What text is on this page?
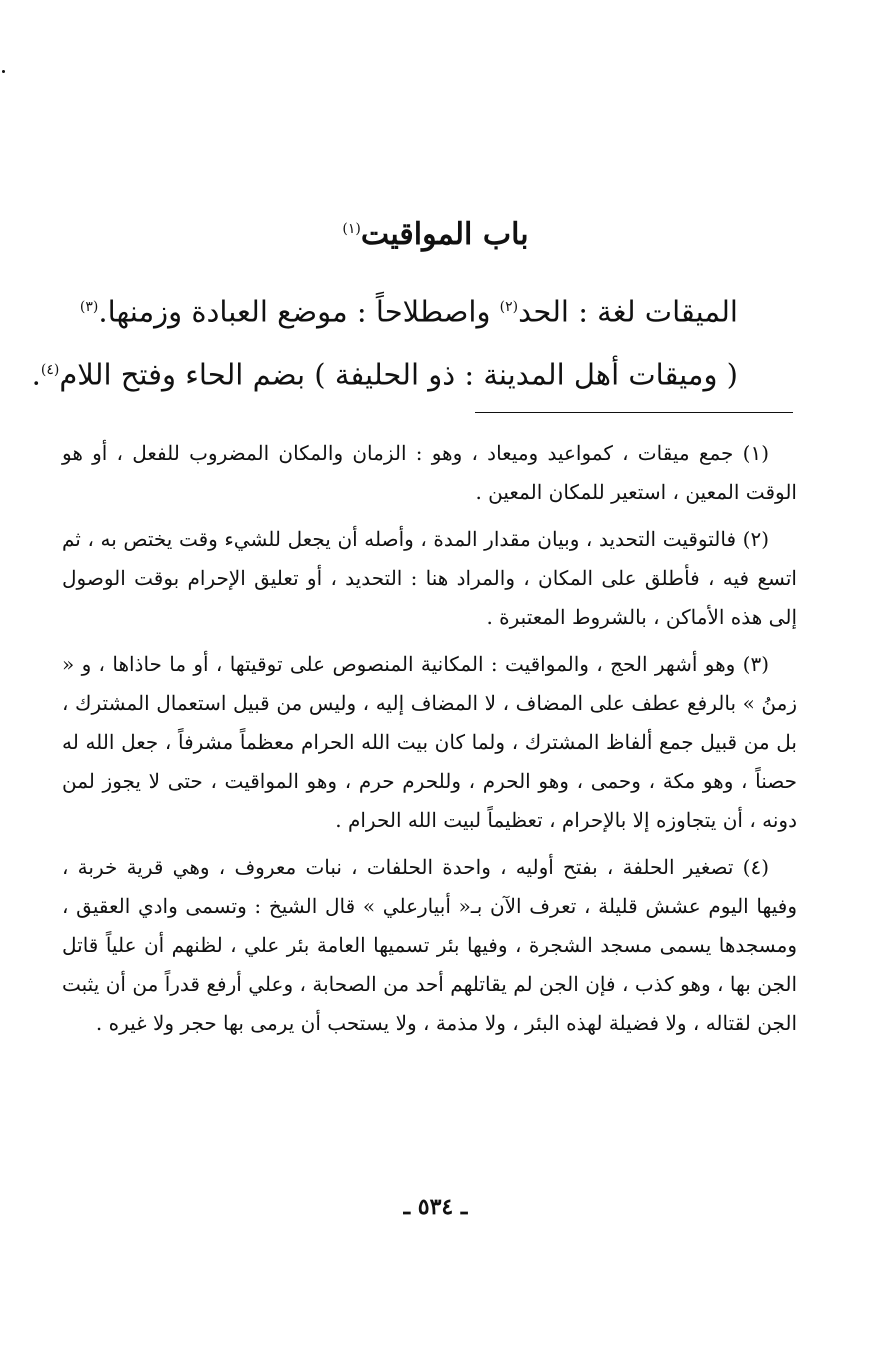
باب المواقيت$^{(١)}$
الميقات لغة : الحد$^{(٢)}$ واصطلاحاً : موضع العبادة وزمنها.$^{(٣)}$
( وميقات أهل المدينة : ذو الحليفة ) بضم الحاء وفتح اللام$^{(٤)}$.

(١) جمع ميقات ، كمواعيد وميعاد ، وهو : الزمان والمكان المضروب للفعل ، أو هو الوقت المعين ، استعير للمكان المعين .

(٢) فالتوقيت التحديد ، وبيان مقدار المدة ، وأصله أن يجعل للشيء وقت يختص به ، ثم اتسع فيه ، فأطلق على المكان ، والمراد هنا : التحديد ، أو تعليق الإحرام بوقت الوصول إلى هذه الأماكن ، بالشروط المعتبرة .

(٣) وهو أشهر الحج ، والمواقيت : المكانية المنصوص على توقيتها ، أو ما حاذاها ، و « زمنُ » بالرفع عطف على المضاف ، لا المضاف إليه ، وليس من قبيل استعمال المشترك ، بل من قبيل جمع ألفاظ المشترك ، ولما كان بيت الله الحرام معظماً مشرفاً ، جعل الله له حصناً ، وهو مكة ، وحمى ، وهو الحرم ، وللحرم حرم ، وهو المواقيت ، حتى لا يجوز لمن دونه ، أن يتجاوزه إلا بالإحرام ، تعظيماً لبيت الله الحرام .

(٤) تصغير الحلفة ، بفتح أوليه ، واحدة الحلفات ، نبات معروف ، وهي قرية خربة ، وفيها اليوم عشش قليلة ، تعرف الآن بـ« أبيارعلي » قال الشيخ : وتسمى وادي العقيق ، ومسجدها يسمى مسجد الشجرة ، وفيها بئر تسميها العامة بئر علي ، لظنهم أن علياً قاتل الجن بها ، وهو كذب ، فإن الجن لم يقاتلهم أحد من الصحابة ، وعلي أرفع قدراً من أن يثبت الجن لقتاله ، ولا فضيلة لهذه البئر ، ولا مذمة ، ولا يستحب أن يرمى بها حجر ولا غيره .

ـ ٥٣٤ ـ
